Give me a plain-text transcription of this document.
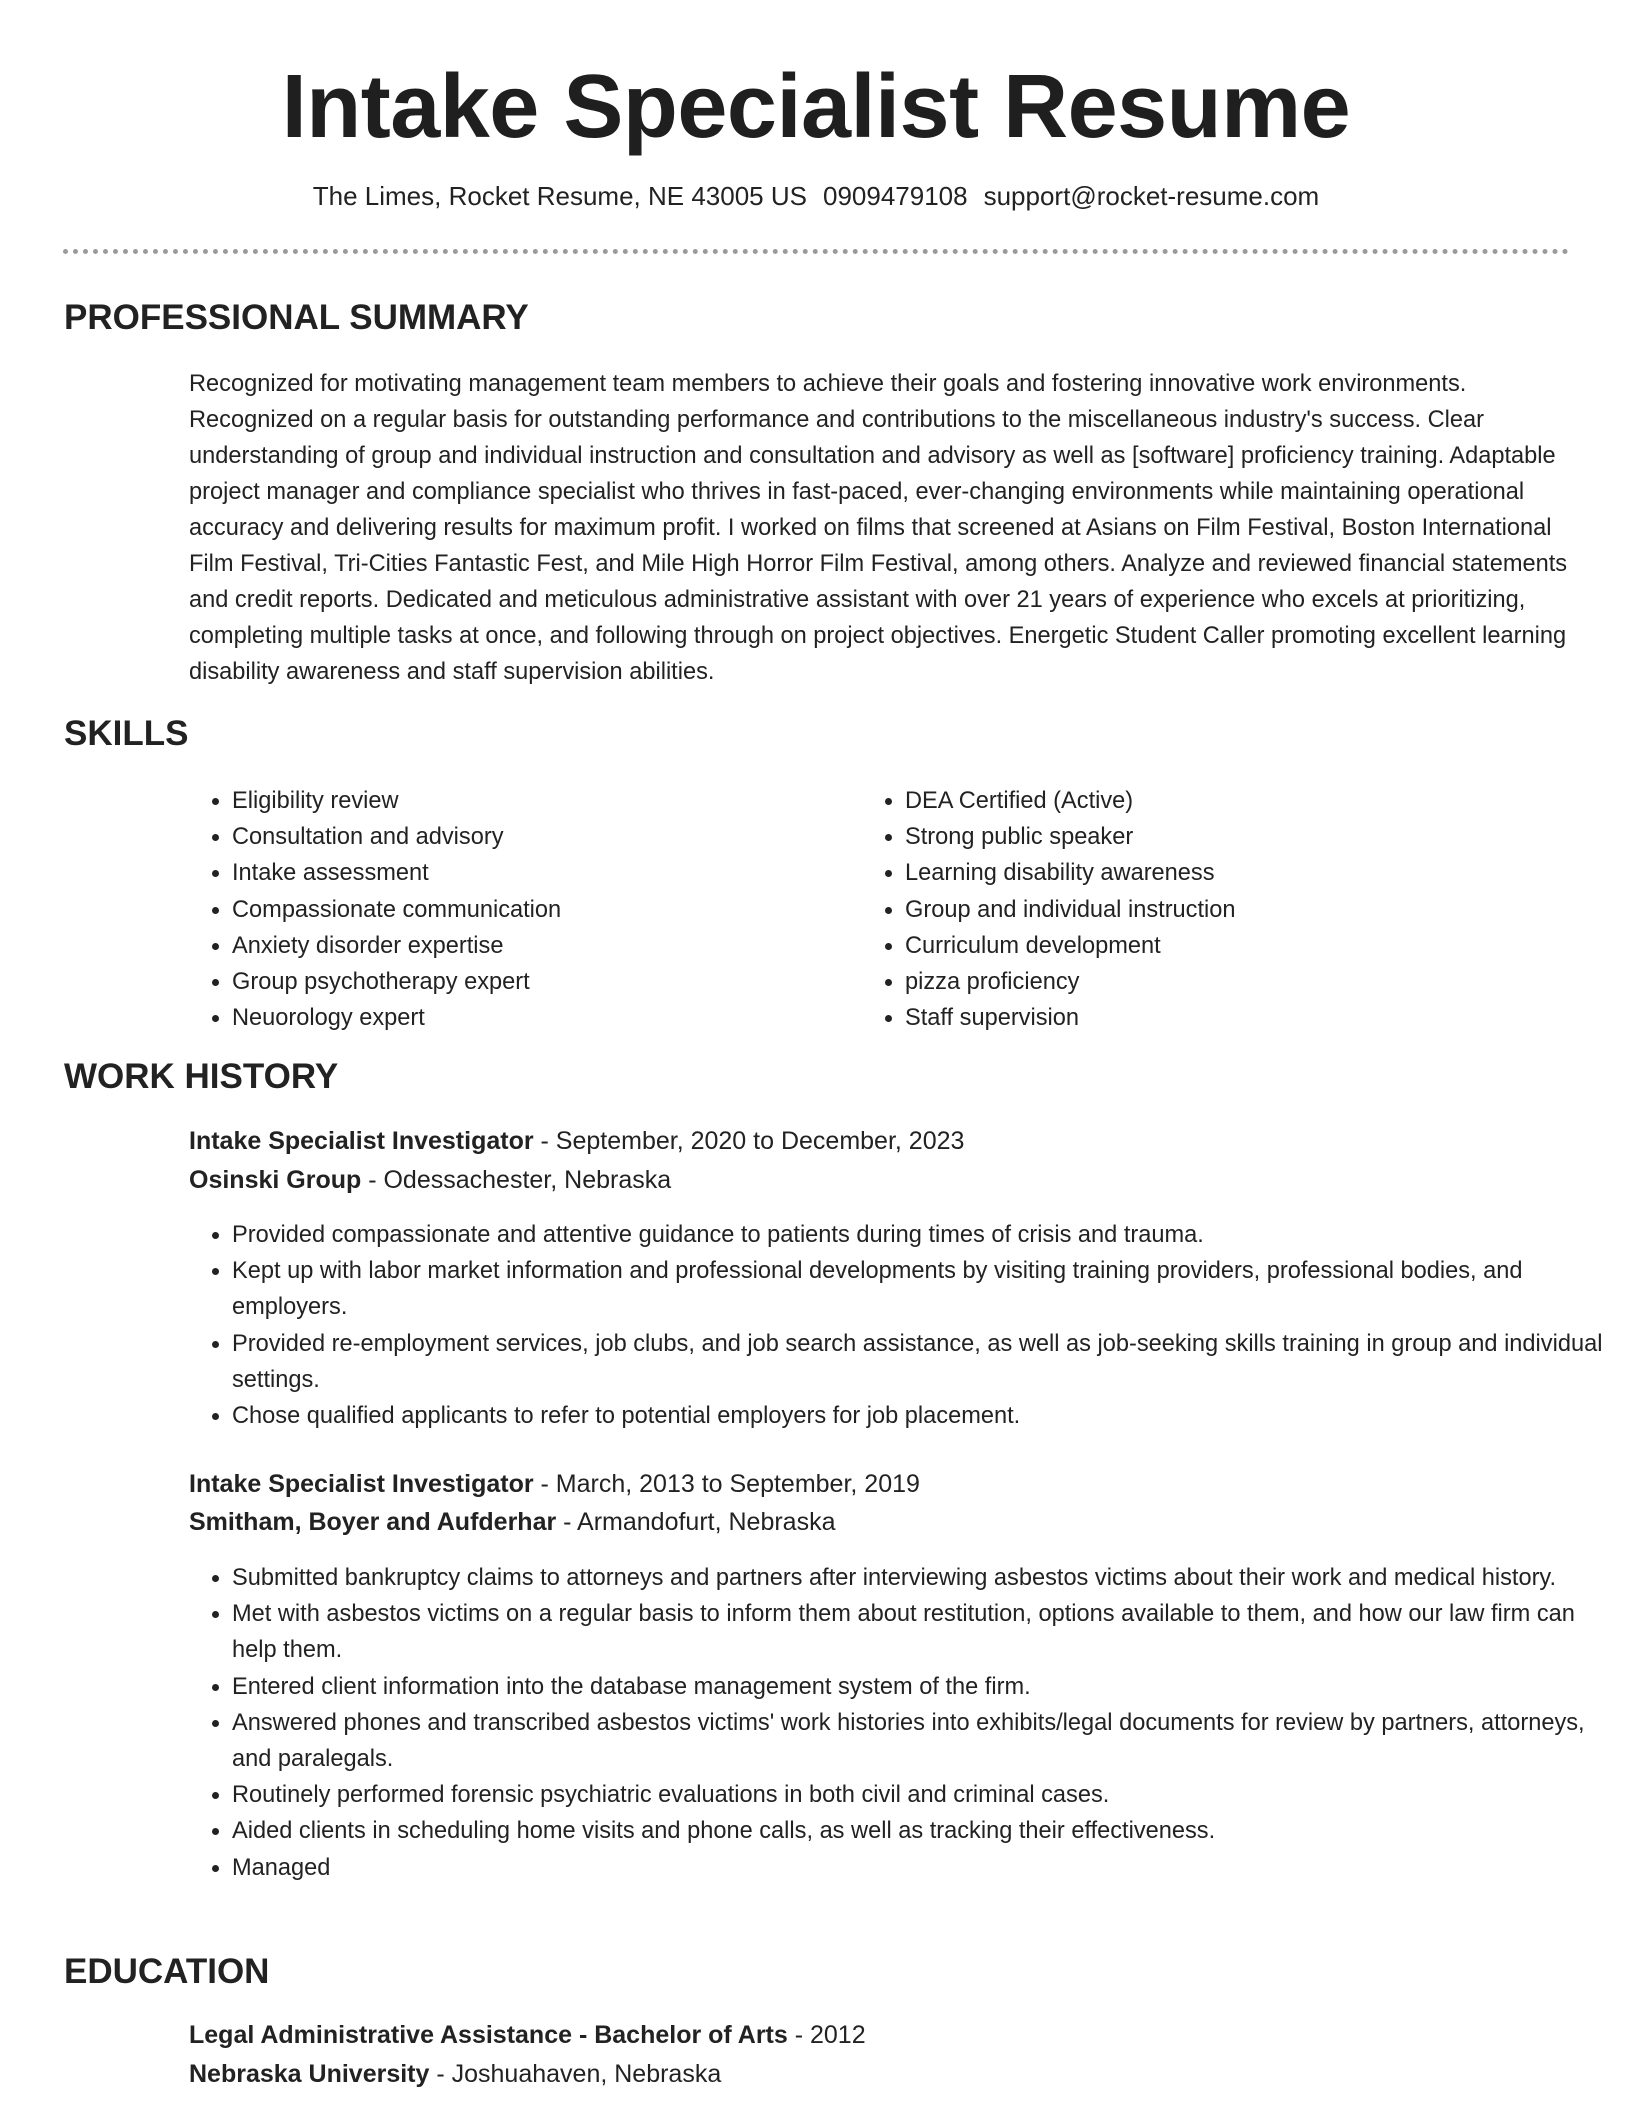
Intake Specialist Resume
The Limes, Rocket Resume, NE 43005 US 0909479108 support@rocket-resume.com
PROFESSIONAL SUMMARY

Recognized for motivating management team members to achieve their goals and fostering innovative work environments. Recognized on a regular basis for outstanding performance and contributions to the miscellaneous industry's success. Clear understanding of group and individual instruction and consultation and advisory as well as [software] proficiency training. Adaptable project manager and compliance specialist who thrives in fast-paced, ever-changing environments while maintaining operational accuracy and delivering results for maximum profit. I worked on films that screened at Asians on Film Festival, Boston International Film Festival, Tri-Cities Fantastic Fest, and Mile High Horror Film Festival, among others. Analyze and reviewed financial statements and credit reports. Dedicated and meticulous administrative assistant with over 21 years of experience who excels at prioritizing, completing multiple tasks at once, and following through on project objectives. Energetic Student Caller promoting excellent learning disability awareness and staff supervision abilities.

SKILLS
• Eligibility review
• Consultation and advisory
• Intake assessment
• Compassionate communication
• Anxiety disorder expertise
• Group psychotherapy expert
• Neuorology expert
• DEA Certified (Active)
• Strong public speaker
• Learning disability awareness
• Group and individual instruction
• Curriculum development
• pizza proficiency
• Staff supervision
WORK HISTORY
Intake Specialist Investigator - September, 2020 to December, 2023
Osinski Group - Odessachester, Nebraska
• Provided compassionate and attentive guidance to patients during times of crisis and trauma.
• Kept up with labor market information and professional developments by visiting training providers, professional bodies, and employers.
• Provided re-employment services, job clubs, and job search assistance, as well as job-seeking skills training in group and individual settings.
• Chose qualified applicants to refer to potential employers for job placement.
Intake Specialist Investigator - March, 2013 to September, 2019
Smitham, Boyer and Aufderhar - Armandofurt, Nebraska
• Submitted bankruptcy claims to attorneys and partners after interviewing asbestos victims about their work and medical history.
• Met with asbestos victims on a regular basis to inform them about restitution, options available to them, and how our law firm can help them.
• Entered client information into the database management system of the firm.
• Answered phones and transcribed asbestos victims' work histories into exhibits/legal documents for review by partners, attorneys, and paralegals.
• Routinely performed forensic psychiatric evaluations in both civil and criminal cases.
• Aided clients in scheduling home visits and phone calls, as well as tracking their effectiveness.
• Managed
EDUCATION
Legal Administrative Assistance - Bachelor of Arts - 2012
Nebraska University - Joshuahaven, Nebraska
